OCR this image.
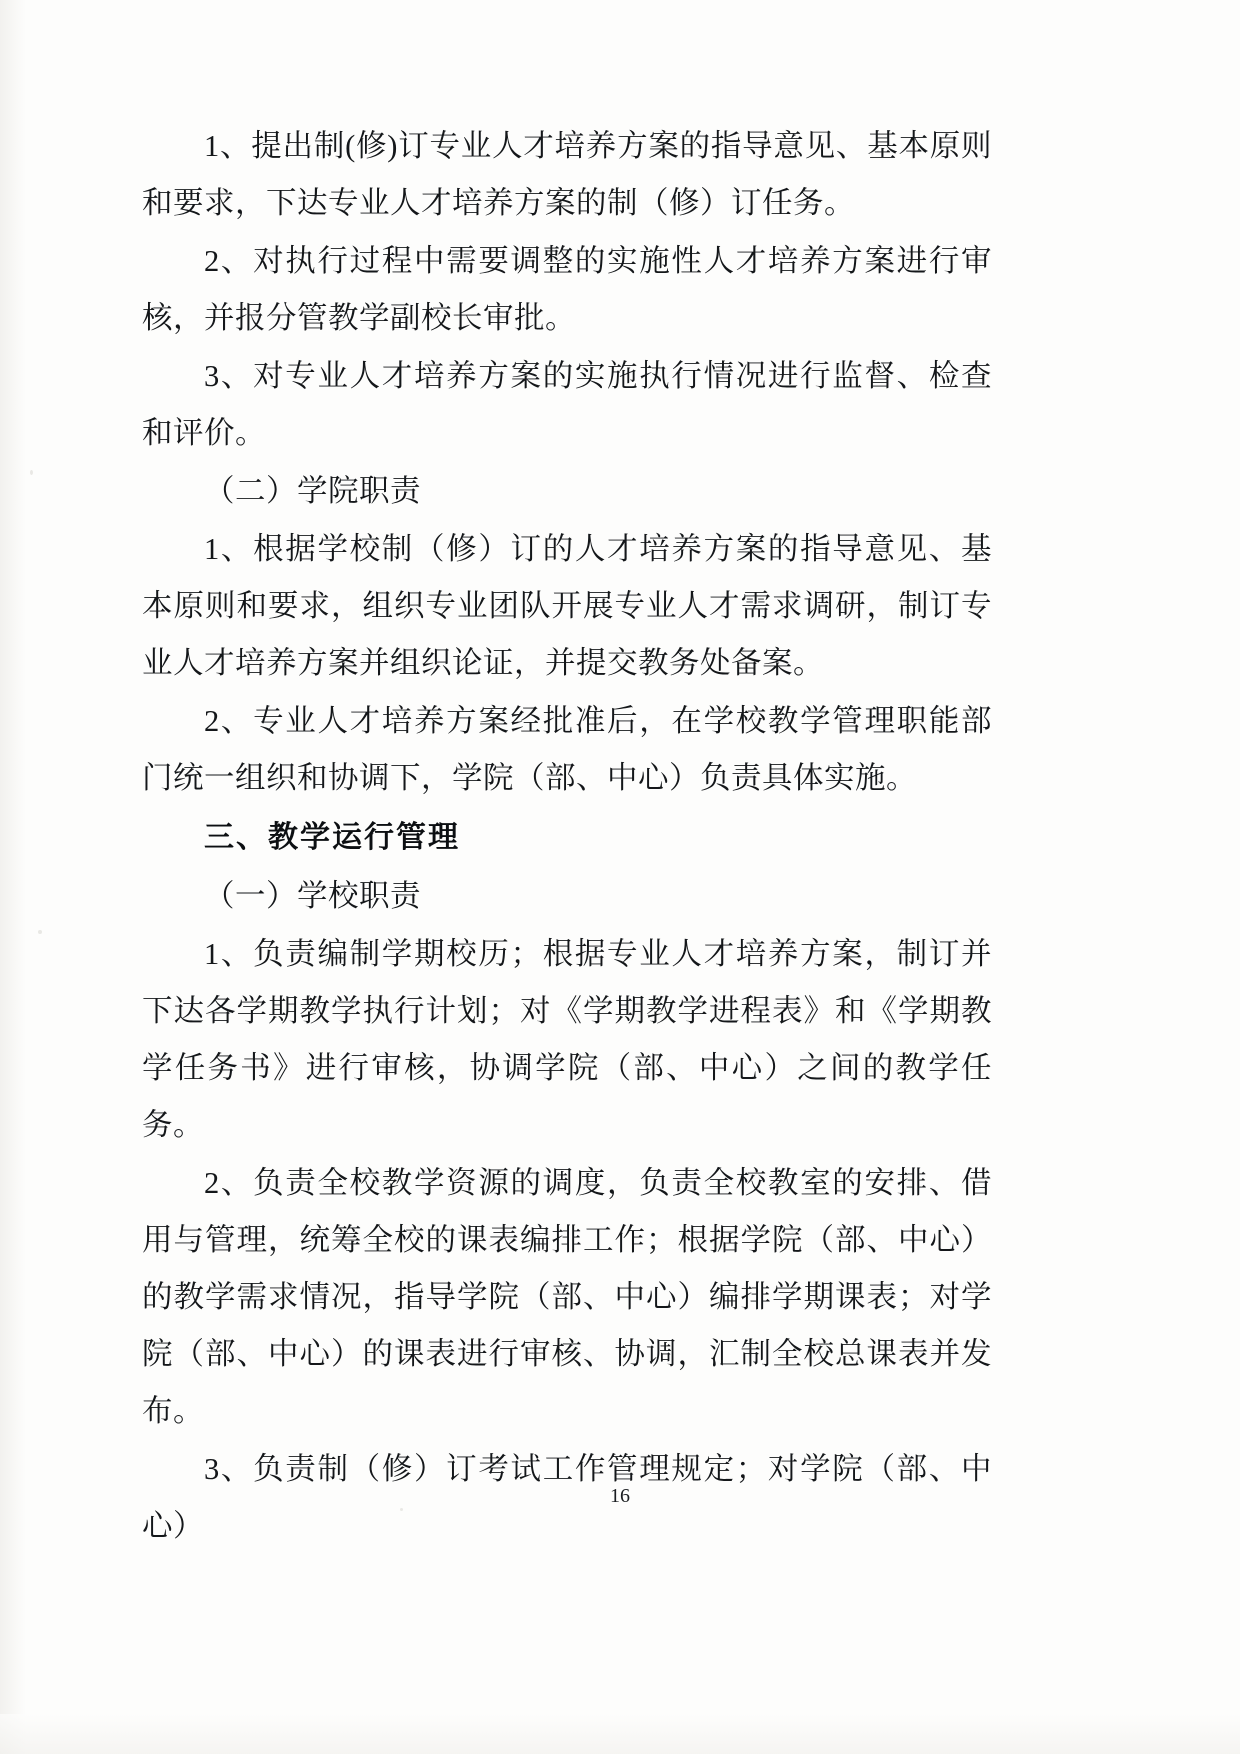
1、提出制(修)订专业人才培养方案的指导意见、基本原则和要求，下达专业人才培养方案的制（修）订任务。

2、对执行过程中需要调整的实施性人才培养方案进行审核，并报分管教学副校长审批。

3、对专业人才培养方案的实施执行情况进行监督、检查和评价。

（二）学院职责

1、根据学校制（修）订的人才培养方案的指导意见、基本原则和要求，组织专业团队开展专业人才需求调研，制订专业人才培养方案并组织论证，并提交教务处备案。

2、专业人才培养方案经批准后，在学校教学管理职能部门统一组织和协调下，学院（部、中心）负责具体实施。

三、教学运行管理

（一）学校职责

1、负责编制学期校历；根据专业人才培养方案，制订并下达各学期教学执行计划；对《学期教学进程表》和《学期教学任务书》进行审核，协调学院（部、中心）之间的教学任务。

2、负责全校教学资源的调度，负责全校教室的安排、借用与管理，统筹全校的课表编排工作；根据学院（部、中心）的教学需求情况，指导学院（部、中心）编排学期课表；对学院（部、中心）的课表进行审核、协调，汇制全校总课表并发布。

3、负责制（修）订考试工作管理规定；对学院（部、中心）

16
